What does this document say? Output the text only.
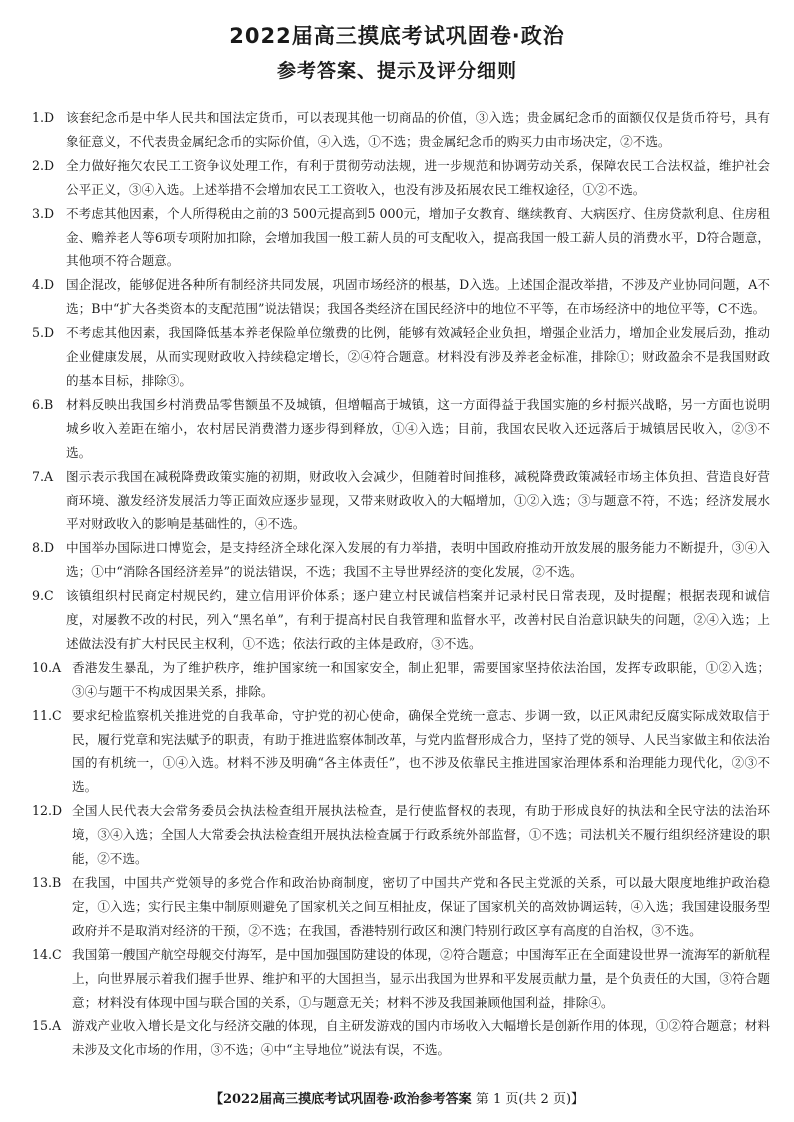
2022届高三摸底考试巩固卷·政治
参考答案、提示及评分细则
1.D 该套纪念币是中华人民共和国法定货币，可以表现其他一切商品的价值，③入选；贵金属纪念币的面额仅仅是货币符号，具有象征意义，不代表贵金属纪念币的实际价值，④入选，①不选；贵金属纪念币的购买力由市场决定，②不选。
2.D 全力做好拖欠农民工工资争议处理工作，有利于贯彻劳动法规，进一步规范和协调劳动关系，保障农民工合法权益，维护社会公平正义，③④入选。上述举措不会增加农民工工资收入，也没有涉及拓展农民工维权途径，①②不选。
3.D 不考虑其他因素，个人所得税由之前的3 500元提高到5 000元，增加子女教育、继续教育、大病医疗、住房贷款利息、住房租金、赡养老人等6项专项附加扣除，会增加我国一般工薪人员的可支配收入，提高我国一般工薪人员的消费水平，D符合题意，其他项不符合题意。
4.D 国企混改，能够促进各种所有制经济共同发展，巩固市场经济的根基，D入选。上述国企混改举措，不涉及产业协同问题，A不选；B中“扩大各类资本的支配范围”说法错误；我国各类经济在国民经济中的地位不平等，在市场经济中的地位平等，C不选。
5.D 不考虑其他因素，我国降低基本养老保险单位缴费的比例，能够有效减轻企业负担，增强企业活力，增加企业发展后劲，推动企业健康发展，从而实现财政收入持续稳定增长，②④符合题意。材料没有涉及养老金标准，排除①；财政盈余不是我国财政的基本目标，排除③。
6.B	材料反映出我国乡村消费品零售额虽不及城镇，但增幅高于城镇，这一方面得益于我国实施的乡村振兴战略，另一方面也说明城乡收入差距在缩小，农村居民消费潜力逐步得到释放，①④入选；目前，我国农民收入还远落后于城镇居民收入，②③不选。
7.A	图示表示我国在减税降费政策实施的初期，财政收入会减少，但随着时间推移，减税降费政策减轻市场主体负担、营造良好营商环境、激发经济发展活力等正面效应逐步显现，又带来财政收入的大幅增加，①②入选；③与题意不符，不选；经济发展水平对财政收入的影响是基础性的，④不选。
8.D 中国举办国际进口博览会，是支持经济全球化深入发展的有力举措，表明中国政府推动开放发展的服务能力不断提升，③④入选；①中“消除各国经济差异”的说法错误，不选；我国不主导世界经济的变化发展，②不选。
9.C 该镇组织村民商定村规民约，建立信用评价体系；逐户建立村民诚信档案并记录村民日常表现，及时提醒；根据表现和诚信度，对屡教不改的村民，列入“黑名单”，有利于提高村民自我管理和监督水平，改善村民自治意识缺失的问题，②④入选；上述做法没有扩大村民民主权利，①不选；依法行政的主体是政府，③不选。
10.A 香港发生暴乱，为了维护秩序，维护国家统一和国家安全，制止犯罪，需要国家坚持依法治国，发挥专政职能，①②入选；③④与题干不构成因果关系，排除。
11.C 要求纪检监察机关推进党的自我革命，守护党的初心使命，确保全党统一意志、步调一致，以正风肃纪反腐实际成效取信于民，履行党章和宪法赋予的职责，有助于推进监察体制改革，与党内监督形成合力，坚持了党的领导、人民当家做主和依法治国的有机统一，①④入选。材料不涉及明确“各主体责任”，也不涉及依靠民主推进国家治理体系和治理能力现代化，②③不选。
12.D 全国人民代表大会常务委员会执法检查组开展执法检查，是行使监督权的表现，有助于形成良好的执法和全民守法的法治环境，③④入选；全国人大常委会执法检查组开展执法检查属于行政系统外部监督，①不选；司法机关不履行组织经济建设的职能，②不选。
13.B 在我国，中国共产党领导的多党合作和政治协商制度，密切了中国共产党和各民主党派的关系，可以最大限度地维护政治稳定，①入选；实行民主集中制原则避免了国家机关之间互相扯皮，保证了国家机关的高效协调运转，④入选；我国建设服务型政府并不是取消对经济的干预，②不选；在我国，香港特别行政区和澳门特别行政区享有高度的自治权，③不选。
14.C 我国第一艘国产航空母舰交付海军，是中国加强国防建设的体现，②符合题意；中国海军正在全面建设世界一流海军的新航程上，向世界展示着我们握手世界、维护和平的大国担当，显示出我国为世界和平发展贡献力量，是个负责任的大国，③符合题意；材料没有体现中国与联合国的关系，①与题意无关；材料不涉及我国兼顾他国利益，排除④。
15.A 游戏产业收入增长是文化与经济交融的体现，自主研发游戏的国内市场收入大幅增长是创新作用的体现，①②符合题意；材料未涉及文化市场的作用，③不选；④中“主导地位”说法有误，不选。
【2022届高三摸底考试巩固卷·政治参考答案 第 1 页(共 2 页)】
